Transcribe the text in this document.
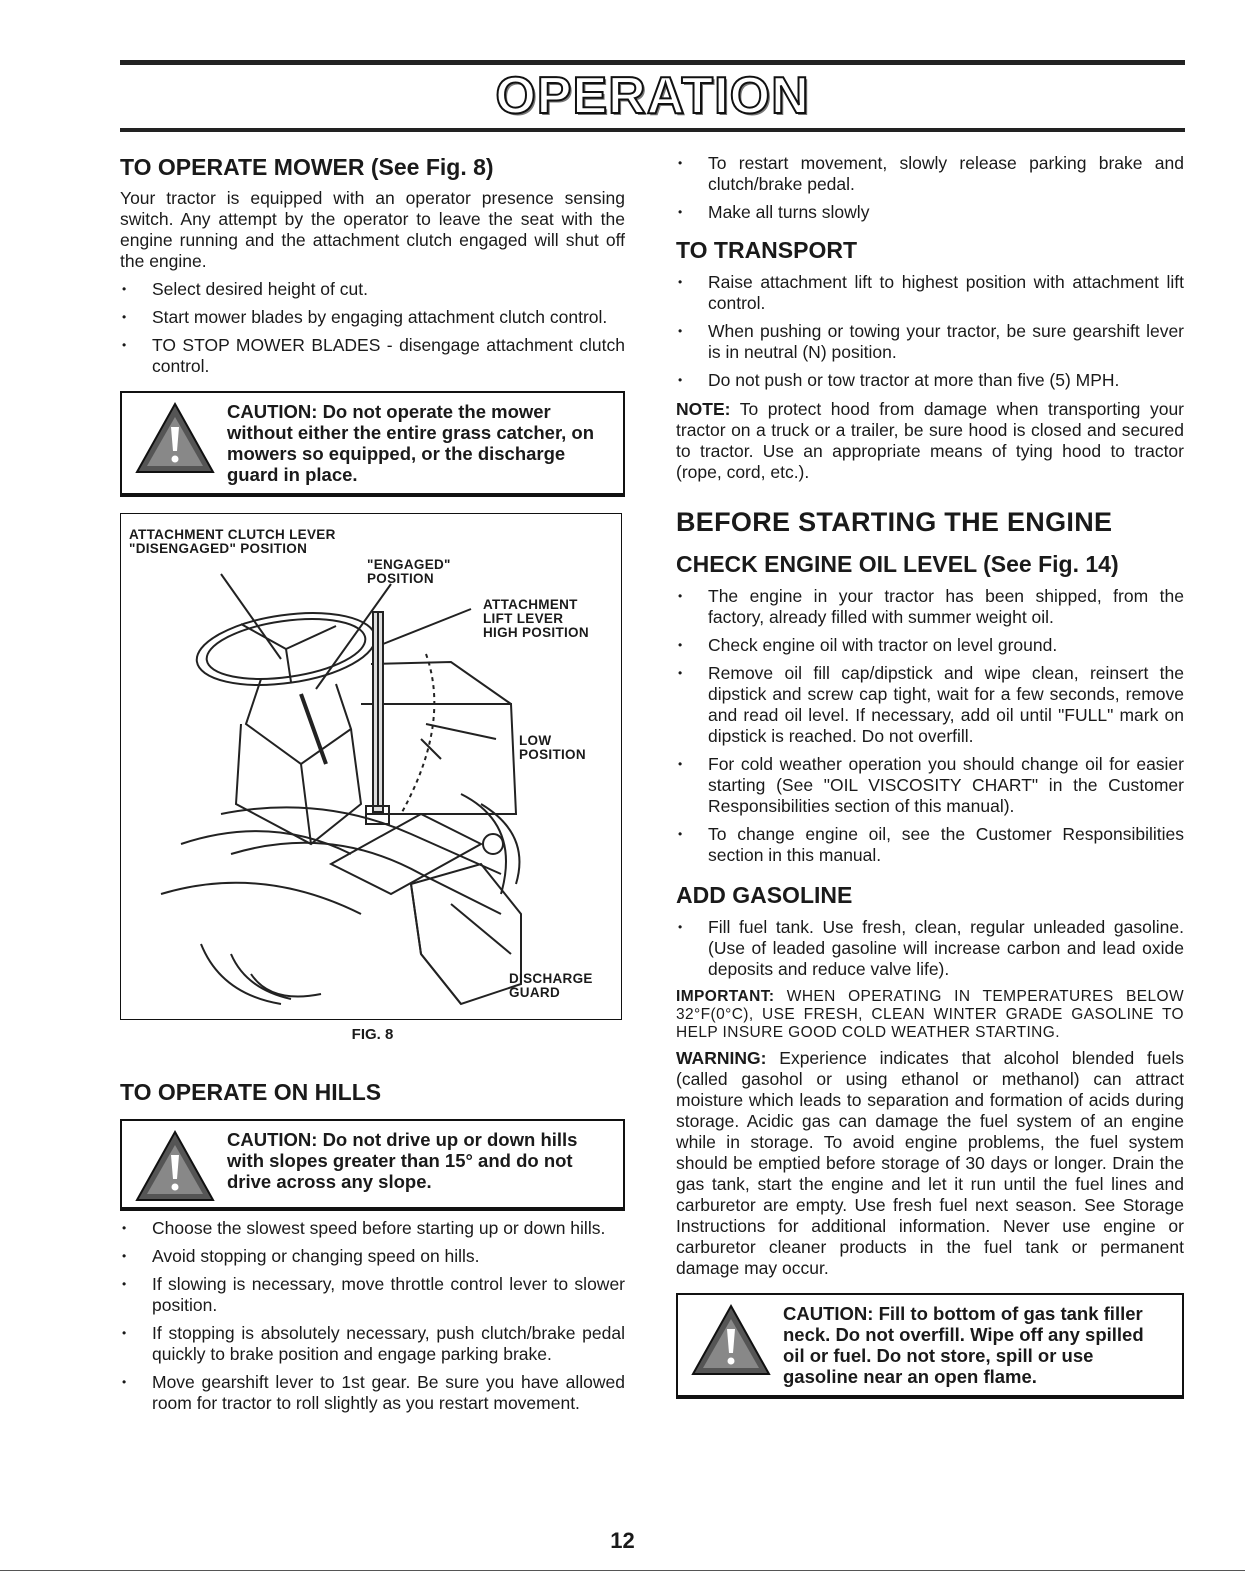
OPERATION
TO OPERATE MOWER (See Fig. 8)

Your tractor is equipped with an operator presence sensing switch. Any attempt by the operator to leave the seat with the engine running and the attachment clutch engaged will shut off the engine.

• Select desired height of cut.
• Start mower blades by engaging attachment clutch control.
• TO STOP MOWER BLADES - disengage attachment clutch control.
CAUTION: Do not operate the mower without either the entire grass catcher, on mowers so equipped, or the discharge guard in place.
ATTACHMENT CLUTCH LEVER
"DISENGAGED" POSITION
"ENGAGED"
POSITION
ATTACHMENT
LIFT LEVER
HIGH POSITION
LOW
POSITION
DISCHARGE
GUARD
FIG. 8
TO OPERATE ON HILLS
CAUTION: Do not drive up or down hills with slopes greater than 15° and do not drive across any slope.
• Choose the slowest speed before starting up or down hills.
• Avoid stopping or changing speed on hills.
• If slowing is necessary, move throttle control lever to slower position.
• If stopping is absolutely necessary, push clutch/brake pedal quickly to brake position and engage parking brake.
• Move gearshift lever to 1st gear. Be sure you have allowed room for tractor to roll slightly as you restart movement.
• To restart movement, slowly release parking brake and clutch/brake pedal.
• Make all turns slowly
TO TRANSPORT
• Raise attachment lift to highest position with attachment lift control.
• When pushing or towing your tractor, be sure gearshift lever is in neutral (N) position.
• Do not push or tow tractor at more than five (5) MPH.

NOTE: To protect hood from damage when transporting your tractor on a truck or a trailer, be sure hood is closed and secured to tractor. Use an appropriate means of tying hood to tractor (rope, cord, etc.).

BEFORE STARTING THE ENGINE
CHECK ENGINE OIL LEVEL (See Fig. 14)
• The engine in your tractor has been shipped, from the factory, already filled with summer weight oil.
• Check engine oil with tractor on level ground.
• Remove oil fill cap/dipstick and wipe clean, reinsert the dipstick and screw cap tight, wait for a few seconds, remove and read oil level. If necessary, add oil until "FULL" mark on dipstick is reached. Do not overfill.
• For cold weather operation you should change oil for easier starting (See "OIL VISCOSITY CHART" in the Customer Responsibilities section of this manual).
• To change engine oil, see the Customer Responsibilities section in this manual.
ADD GASOLINE
• Fill fuel tank. Use fresh, clean, regular unleaded gasoline. (Use of leaded gasoline will increase carbon and lead oxide deposits and reduce valve life).

IMPORTANT: WHEN OPERATING IN TEMPERATURES BELOW 32°F(0°C), USE FRESH, CLEAN WINTER GRADE GASOLINE TO HELP INSURE GOOD COLD WEATHER STARTING.

WARNING: Experience indicates that alcohol blended fuels (called gasohol or using ethanol or methanol) can attract moisture which leads to separation and formation of acids during storage. Acidic gas can damage the fuel system of an engine while in storage. To avoid engine problems, the fuel system should be emptied before storage of 30 days or longer. Drain the gas tank, start the engine and let it run until the fuel lines and carburetor are empty. Use fresh fuel next season. See Storage Instructions for additional information. Never use engine or carburetor cleaner products in the fuel tank or permanent damage may occur.

CAUTION: Fill to bottom of gas tank filler neck. Do not overfill. Wipe off any spilled oil or fuel. Do not store, spill or use gasoline near an open flame.
12
